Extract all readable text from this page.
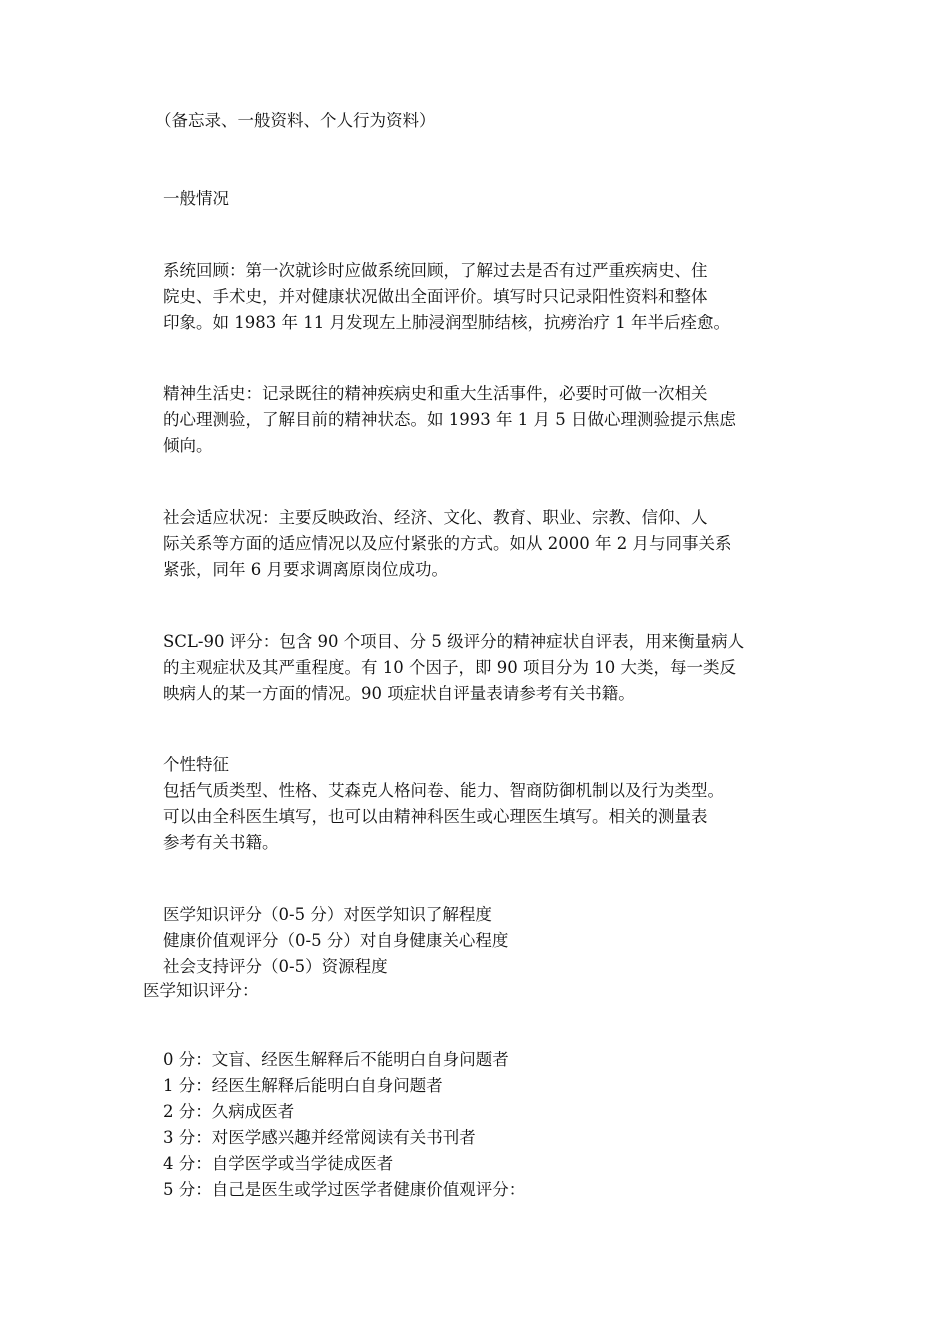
（备忘录、一般资料、个人行为资料）
一般情况
系统回顾：第一次就诊时应做系统回顾，了解过去是否有过严重疾病史、住
院史、手术史，并对健康状况做出全面评价。填写时只记录阳性资料和整体
印象。如 1983 年 11 月发现左上肺浸润型肺结核，抗痨治疗 1 年半后痊愈。
精神生活史：记录既往的精神疾病史和重大生活事件，必要时可做一次相关
的心理测验，了解目前的精神状态。如 1993 年 1 月 5 日做心理测验提示焦虑
倾向。
社会适应状况：主要反映政治、经济、文化、教育、职业、宗教、信仰、人
际关系等方面的适应情况以及应付紧张的方式。如从 2000 年 2 月与同事关系
紧张，同年 6 月要求调离原岗位成功。
SCL-90 评分：包含 90 个项目、分 5 级评分的精神症状自评表，用来衡量病人
的主观症状及其严重程度。有 10 个因子，即 90 项目分为 10 大类，每一类反
映病人的某一方面的情况。90 项症状自评量表请参考有关书籍。
个性特征
包括气质类型、性格、艾森克人格问卷、能力、智商防御机制以及行为类型。
可以由全科医生填写，也可以由精神科医生或心理医生填写。相关的测量表
参考有关书籍。
医学知识评分（0-5 分）对医学知识了解程度
健康价值观评分（0-5 分）对自身健康关心程度
社会支持评分（0-5）资源程度
医学知识评分：
0 分：文盲、经医生解释后不能明白自身问题者
1 分：经医生解释后能明白自身问题者
2 分：久病成医者
3 分：对医学感兴趣并经常阅读有关书刊者
4 分：自学医学或当学徒成医者
5 分：自己是医生或学过医学者健康价值观评分：
